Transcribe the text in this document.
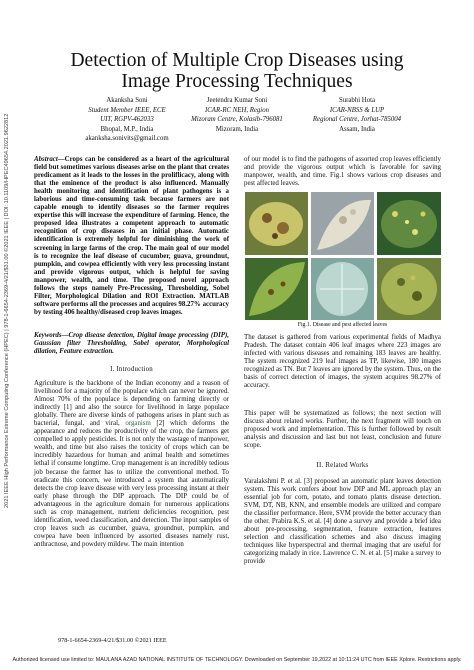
2021 IEEE High Performance Extreme Computing Conference (HPEC) | 978-1-6654-2369-4/21/$31.00 ©2021 IEEE | DOI: 10.1109/HPEC49654.2021.9622812
Detection of Multiple Crop Diseases using
Image Processing Techniques
Akanksha Soni
Student Member IEEE, ECE
UIT, RGPV-462033
Bhopal, M.P., India
akanksha.sonivits@gmail.com
Jeetendra Kumar Soni
ICAR-RC NEH, Region
Mizoram Centre, Kolasib-796081
Mizoram, India
Surabhi Hota
ICAR-NBSS & LUP
Regional Centre, Jorhat-785004
Assam, India
Abstract—Crops can be considered as a heart of the agricultural field but sometimes various diseases arise on the plant that creates predicament as it leads to the losses in the proliflicacy, along with that the eminence of the product is also influenced. Manually health monitoring and identification of plant pathogens is a laborious and time-consuming task because farmers are not capable enough to identify diseases so the farmer requires expertise this will increase the expenditure of farming. Hence, the proposed idea illustrates a competent approach to automatic recognition of crop diseases in an initial phase. Automatic identification is extremely helpful for diminishing the work of screening in large farms of the crop. The main goal of our model is to recognize the leaf disease of cucumber, guava, groundnut, pumpkin, and cowpea efficiently with very less processing instant and provide vigorous output, which is helpful for saving manpower, wealth, and time. The proposed novel approach follows the steps namely Pre-Processing, Thresholding, Sobel Filter, Morphological Dilation and ROI Extraction. MATLAB software performs all the processes and acquires 98.27% accuracy by testing 406 healthy/diseased crop leaves images.
Keywords—Crop disease detection, Digital image processing (DIP), Gaussian filter Thresholding, Sobel operator, Morphological dilation, Feature extraction.
I. Introduction
Agriculture is the backbone of the Indian economy and a reason of livelihood for a majority of the populace which can never be ignored. Almost 70% of the populace is depending on farming directly or indirectly [1] and also the source for livelihood in large populace globally. There are diverse kinds of pathogens arises in plant such as bacterial, fungal, and viral, organism [2] which deforms the appearance and reduces the productivity of the crop, the farmers get compelled to apply pesticides. It is not only the wastage of manpower, wealth, and time but also raises the toxicity of crops which can be incredibly hazardous for human and animal health and sometimes lethal if consume longtime. Crop management is an incredibly tedious job because the farmer has to utilize the conventional method. To eradicate this concern, we introduced a system that automatically detects the crop leave disease with very less processing instant at their early phase through the DIP approach. The DIP could be of advantageous in the agriculture domain for numerous applications such as crop management, nutrient deficiencies recognition, pest identification, weed classification, and detection. The input samples of crop leaves such as cucumber, guava, groundnut, pumpkin, and cowpea have been influenced by assorted diseases namely rust, anthracnose, and powdery mildew. The main intention
of our model is to find the pathogens of assorted crop leaves efficiently and provide the vigorous output which is favorable for saving manpower, wealth, and time. Fig.1 shows various crop diseases and pest affected leaves.
Fig.1. Disease and pest affected leaves
The dataset is gathered from various experimental fields of Madhya Pradesh. The dataset contain 406 leaf images where 223 images are infected with various diseases and remaining 183 leaves are healthy. The system recognized 219 leaf images as TP, likewise, 180 images recognized as TN. But 7 leaves are ignored by the system. Thus, on the basis of correct detection of images, the system acquires 98.27% of accuracy.
This paper will be systematized as follows; the next section will discuss about related works. Further, the next fragment will touch on proposed work and implementation. This is further followed by result analysis and discussion and last but not least, conclusion and future scope.
II. Related Works
Varalakshmi P. et al. [3] proposed an automatic plant leaves detection system. This work confers about how DIP and ML approach play an essential job for corn, potato, and tomato plants disease detection. SVM, DT, NB, KNN, and ensemble models are utilized and compare the classifier performance. Here, SVM provide the better accuracy than the other. Prabira K.S. et al. [4] done a survey and provide a brief idea about pre-processing, segmentation, feature extraction, features selection and classification schemes and also discuss imaging techniques like hyperspectral and thermal imaging that are useful for categorizing malady in rice. Lawrence C. N. et al. [5] make a survey to provide
978-1-6654-2369-4/21/$31.00 ©2021 IEEE
Authorized licensed use limited to: MAULANA AZAD NATIONAL INSTITUTE OF TECHNOLOGY. Downloaded on September 19,2022 at 10:11:24 UTC from IEEE Xplore. Restrictions apply.
